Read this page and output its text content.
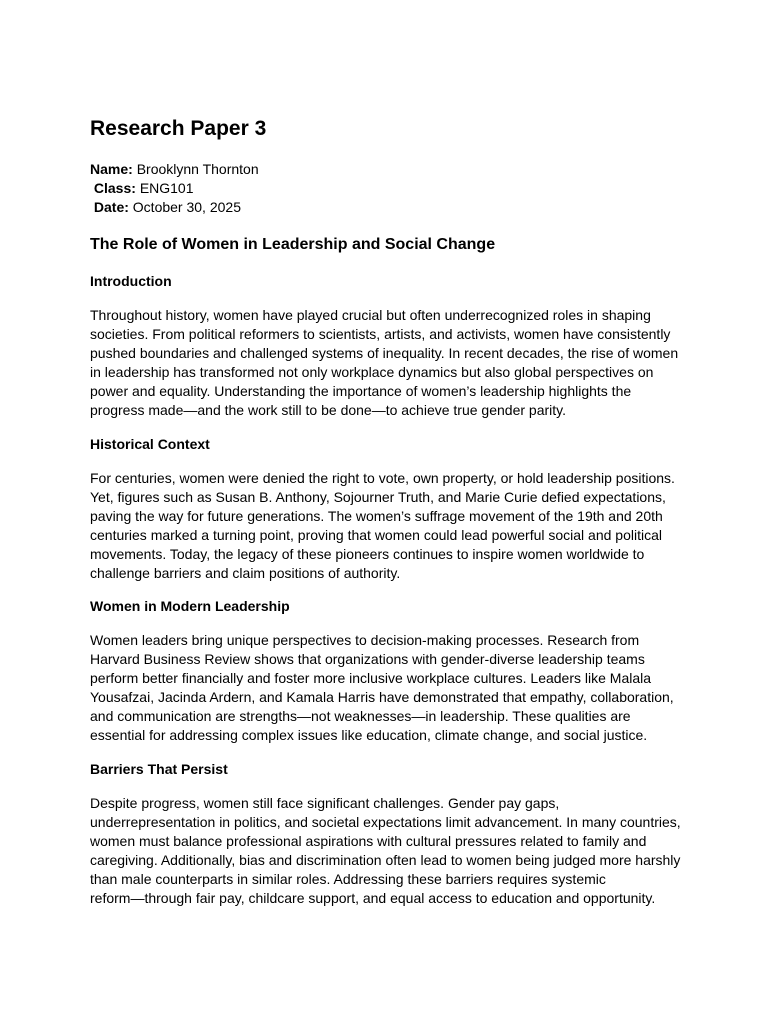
Research Paper 3
Name: Brooklynn Thornton
Class: ENG101
Date: October 30, 2025
The Role of Women in Leadership and Social Change
Introduction

Throughout history, women have played crucial but often underrecognized roles in shaping
societies. From political reformers to scientists, artists, and activists, women have consistently
pushed boundaries and challenged systems of inequality. In recent decades, the rise of women
in leadership has transformed not only workplace dynamics but also global perspectives on
power and equality. Understanding the importance of women’s leadership highlights the
progress made—and the work still to be done—to achieve true gender parity.

Historical Context

For centuries, women were denied the right to vote, own property, or hold leadership positions.
Yet, figures such as Susan B. Anthony, Sojourner Truth, and Marie Curie defied expectations,
paving the way for future generations. The women’s suffrage movement of the 19th and 20th
centuries marked a turning point, proving that women could lead powerful social and political
movements. Today, the legacy of these pioneers continues to inspire women worldwide to
challenge barriers and claim positions of authority.

Women in Modern Leadership

Women leaders bring unique perspectives to decision-making processes. Research from
Harvard Business Review shows that organizations with gender-diverse leadership teams
perform better financially and foster more inclusive workplace cultures. Leaders like Malala
Yousafzai, Jacinda Ardern, and Kamala Harris have demonstrated that empathy, collaboration,
and communication are strengths—not weaknesses—in leadership. These qualities are
essential for addressing complex issues like education, climate change, and social justice.

Barriers That Persist

Despite progress, women still face significant challenges. Gender pay gaps,
underrepresentation in politics, and societal expectations limit advancement. In many countries,
women must balance professional aspirations with cultural pressures related to family and
caregiving. Additionally, bias and discrimination often lead to women being judged more harshly
than male counterparts in similar roles. Addressing these barriers requires systemic
reform—through fair pay, childcare support, and equal access to education and opportunity.
